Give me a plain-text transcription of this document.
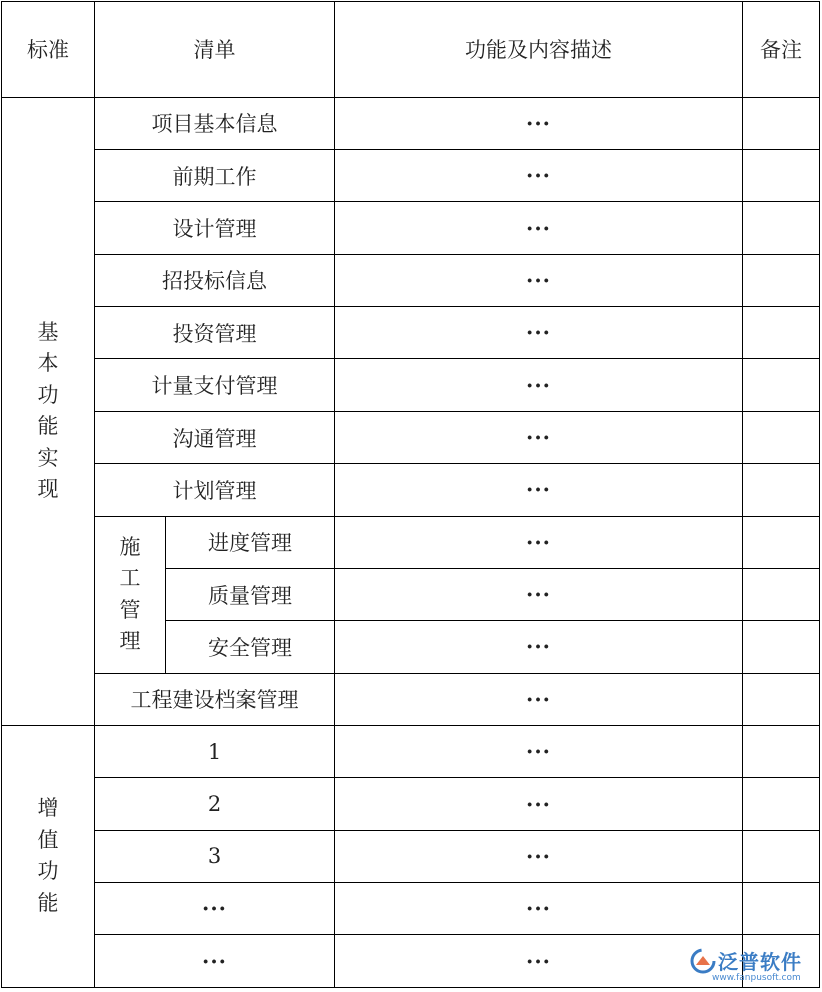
标准	清单		功能及内容描述	备注
基本功能实现	项目基本信息		···	
	前期工作		···	
	设计管理		···	
	招投标信息		···	
	投资管理		···	
	计量支付管理		···	
	沟通管理		···	
	计划管理		···	
	施工管理	进度管理	···	
		质量管理	···	
		安全管理	···	
	工程建设档案管理		···	
增值功能	1		···	
	2		···	
	3		···	
	···		···	
	···		···		泛普软件
www.fanpusoft.com
